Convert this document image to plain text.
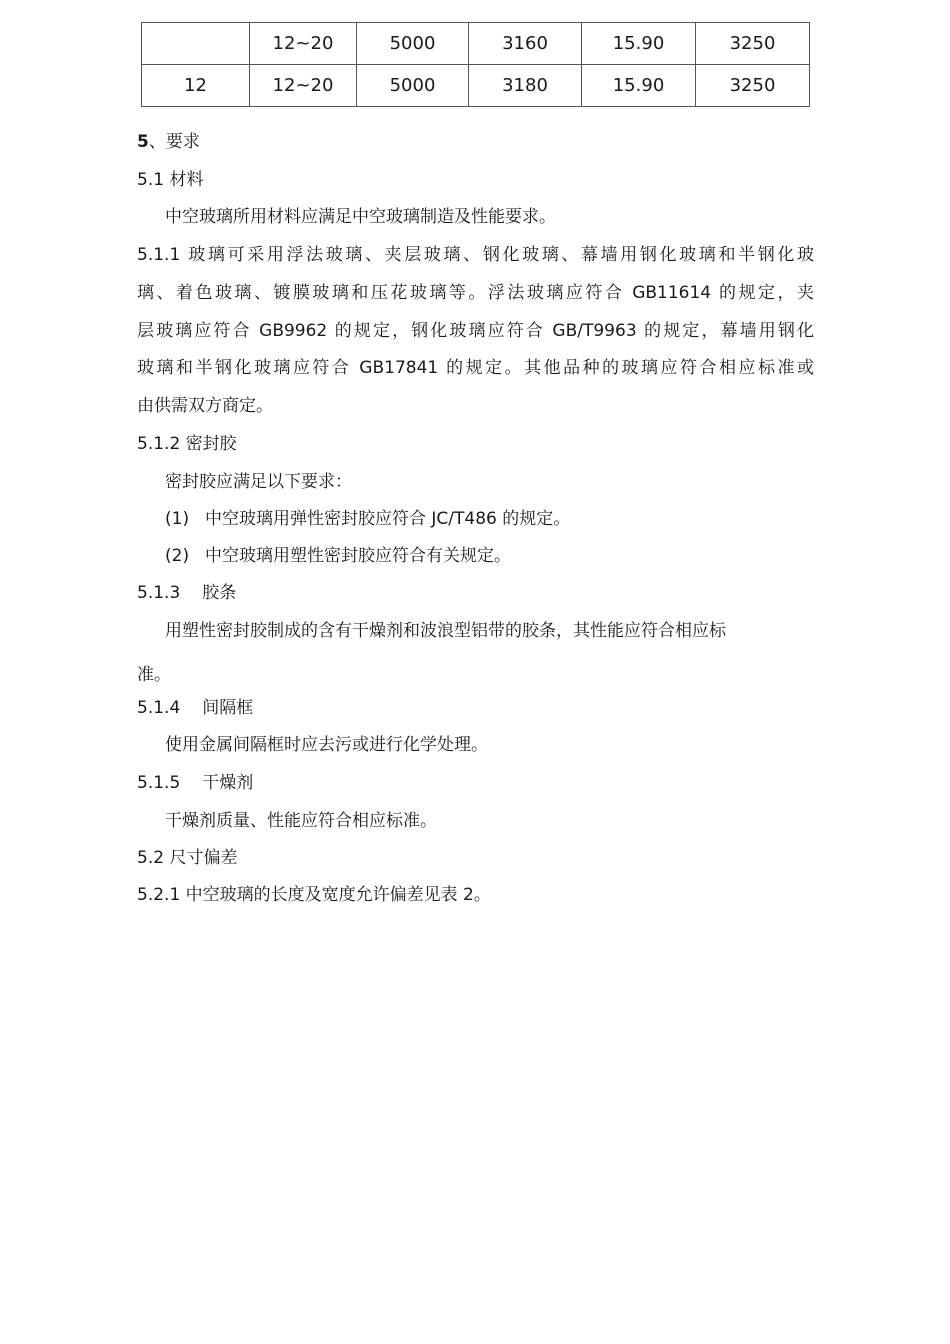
	12~20	5000	3160	15.90	3250
12	12~20	5000	3180	15.90	3250
5、要求
5.1 材料
中空玻璃所用材料应满足中空玻璃制造及性能要求。
5.1.1 玻璃可采用浮法玻璃、夹层玻璃、钢化玻璃、幕墙用钢化玻璃和半钢化玻
璃、着色玻璃、镀膜玻璃和压花玻璃等。浮法玻璃应符合 GB11614 的规定，夹
层玻璃应符合 GB9962 的规定，钢化玻璃应符合 GB/T9963 的规定，幕墙用钢化
玻璃和半钢化玻璃应符合 GB17841 的规定。其他品种的玻璃应符合相应标准或
由供需双方商定。
5.1.2 密封胶
密封胶应满足以下要求：
(1) 中空玻璃用弹性密封胶应符合 JC/T486 的规定。
(2) 中空玻璃用塑性密封胶应符合有关规定。
5.1.3 胶条
用塑性密封胶制成的含有干燥剂和波浪型铝带的胶条，其性能应符合相应标
准。
5.1.4 间隔框
使用金属间隔框时应去污或进行化学处理。
5.1.5 干燥剂
干燥剂质量、性能应符合相应标准。
5.2 尺寸偏差
5.2.1 中空玻璃的长度及宽度允许偏差见表 2。
